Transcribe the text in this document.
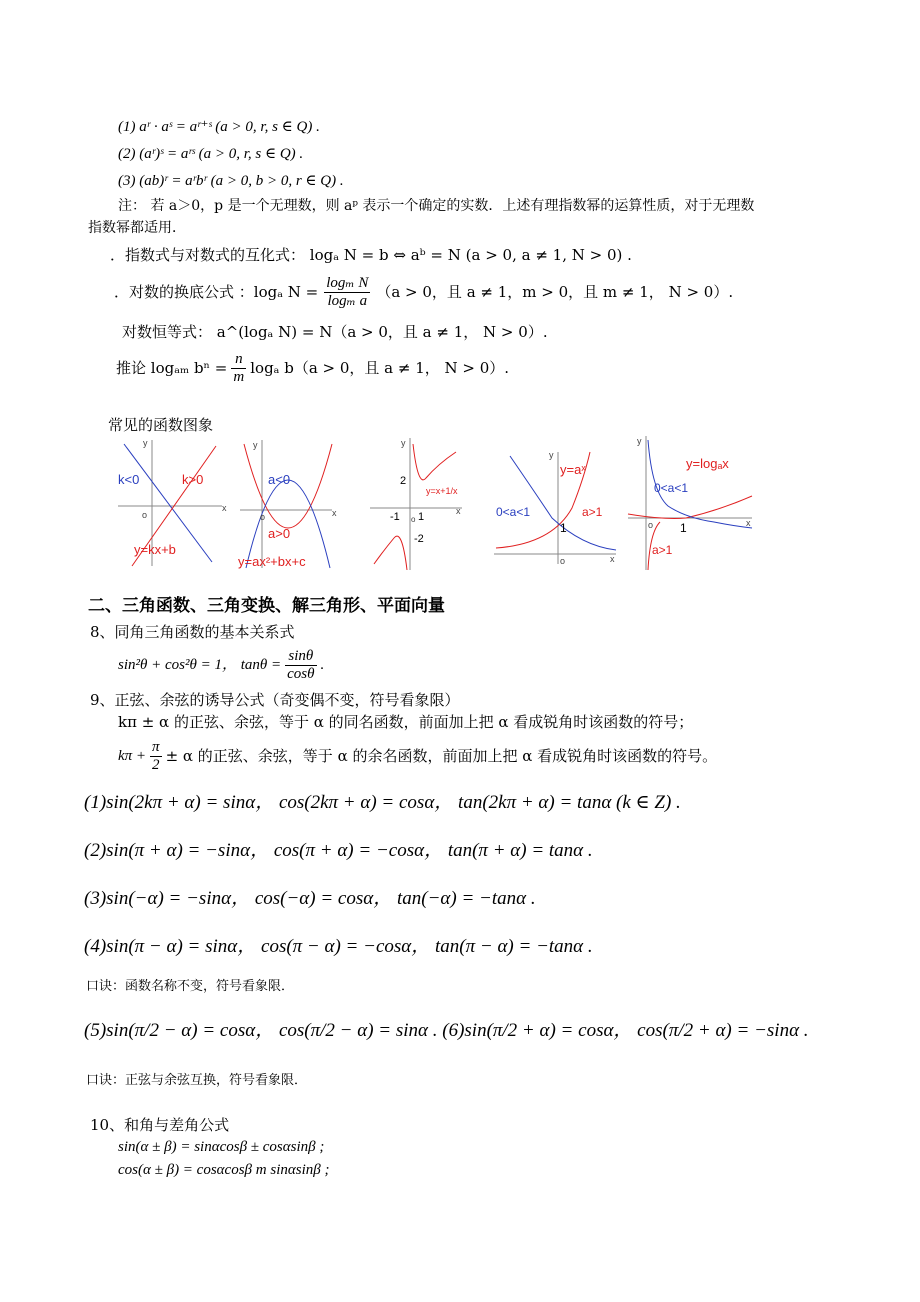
(1) aʳ · aˢ = aʳ⁺ˢ (a > 0, r, s ∈ Q) .
(2) (aʳ)ˢ = aʳˢ (a > 0, r, s ∈ Q) .
(3) (ab)ʳ = aʳbʳ (a > 0, b > 0, r ∈ Q) .
注： 若 a＞0，p 是一个无理数，则 aᵖ 表示一个确定的实数．上述有理指数幂的运算性质，对于无理数
指数幂都适用．
．指数式与对数式的互化式： logₐ N = b ⇔ aᵇ = N (a > 0, a ≠ 1, N > 0) .
．对数的换底公式 ：logₐ $N = \frac{\text{logₘ N}}{\text{logₘ a}} (a > 0$，且 a ≠ 1，m > 0，且 m ≠ 1， N > 0）.
对数恒等式： a^(logₐ N) = N（a > 0，且 a ≠ 1， N > 0）.
推论 logₐₘ $b^n = \frac{n}{m}$ logₐ b（a > 0，且 a ≠ 1， N > 0）.
常见的函数图象
y
x
o
k<0	k>0
y=kx+b
y
x
o
a<0
a>0
y=ax²+bx+c
y
x
2
-2
-1 1
o
y=x+1/x
y
x
o
1
y=aˣ
0<a<1	a>1
y
x
o 1
y=logₐx
0<a<1
a>1
二、三角函数、三角变换、解三角形、平面向量
8、同角三角函数的基本关系式
sin²θ + cos²θ = 1， $\tan\theta = \frac{\sin\theta}{\cos\theta}$ .
9、正弦、余弦的诱导公式（奇变偶不变，符号看象限）
kπ ± α 的正弦、余弦，等于 α 的同名函数，前面加上把 α 看成锐角时该函数的符号；
$k\pi + \frac{\pi}{2} \pm \alpha$ 的正弦、余弦，等于 α 的余名函数，前面加上把 α 看成锐角时该函数的符号。
(1)sin(2kπ + α) = sinα， cos(2kπ + α) = cosα， tan(2kπ + α) = tanα (k ∈ Z) .
(2)sin(π + α) = −sinα， cos(π + α) = −cosα， tan(π + α) = tanα .
(3)sin(−α) = −sinα， cos(−α) = cosα， tan(−α) = −tanα .
(4)sin(π − α) = sinα， cos(π − α) = −cosα， tan(π − α) = −tanα .
口诀：函数名称不变，符号看象限．
(5)sin(π/2 − α) = cosα， cos(π/2 − α) = sinα . (6)sin(π/2 + α) = cosα， cos(π/2 + α) = −sinα .
口诀：正弦与余弦互换，符号看象限．
10、和角与差角公式
sin(α ± β) = sinαcosβ ± cosαsinβ ;
cos(α ± β) = cosαcosβ m sinαsinβ ;
